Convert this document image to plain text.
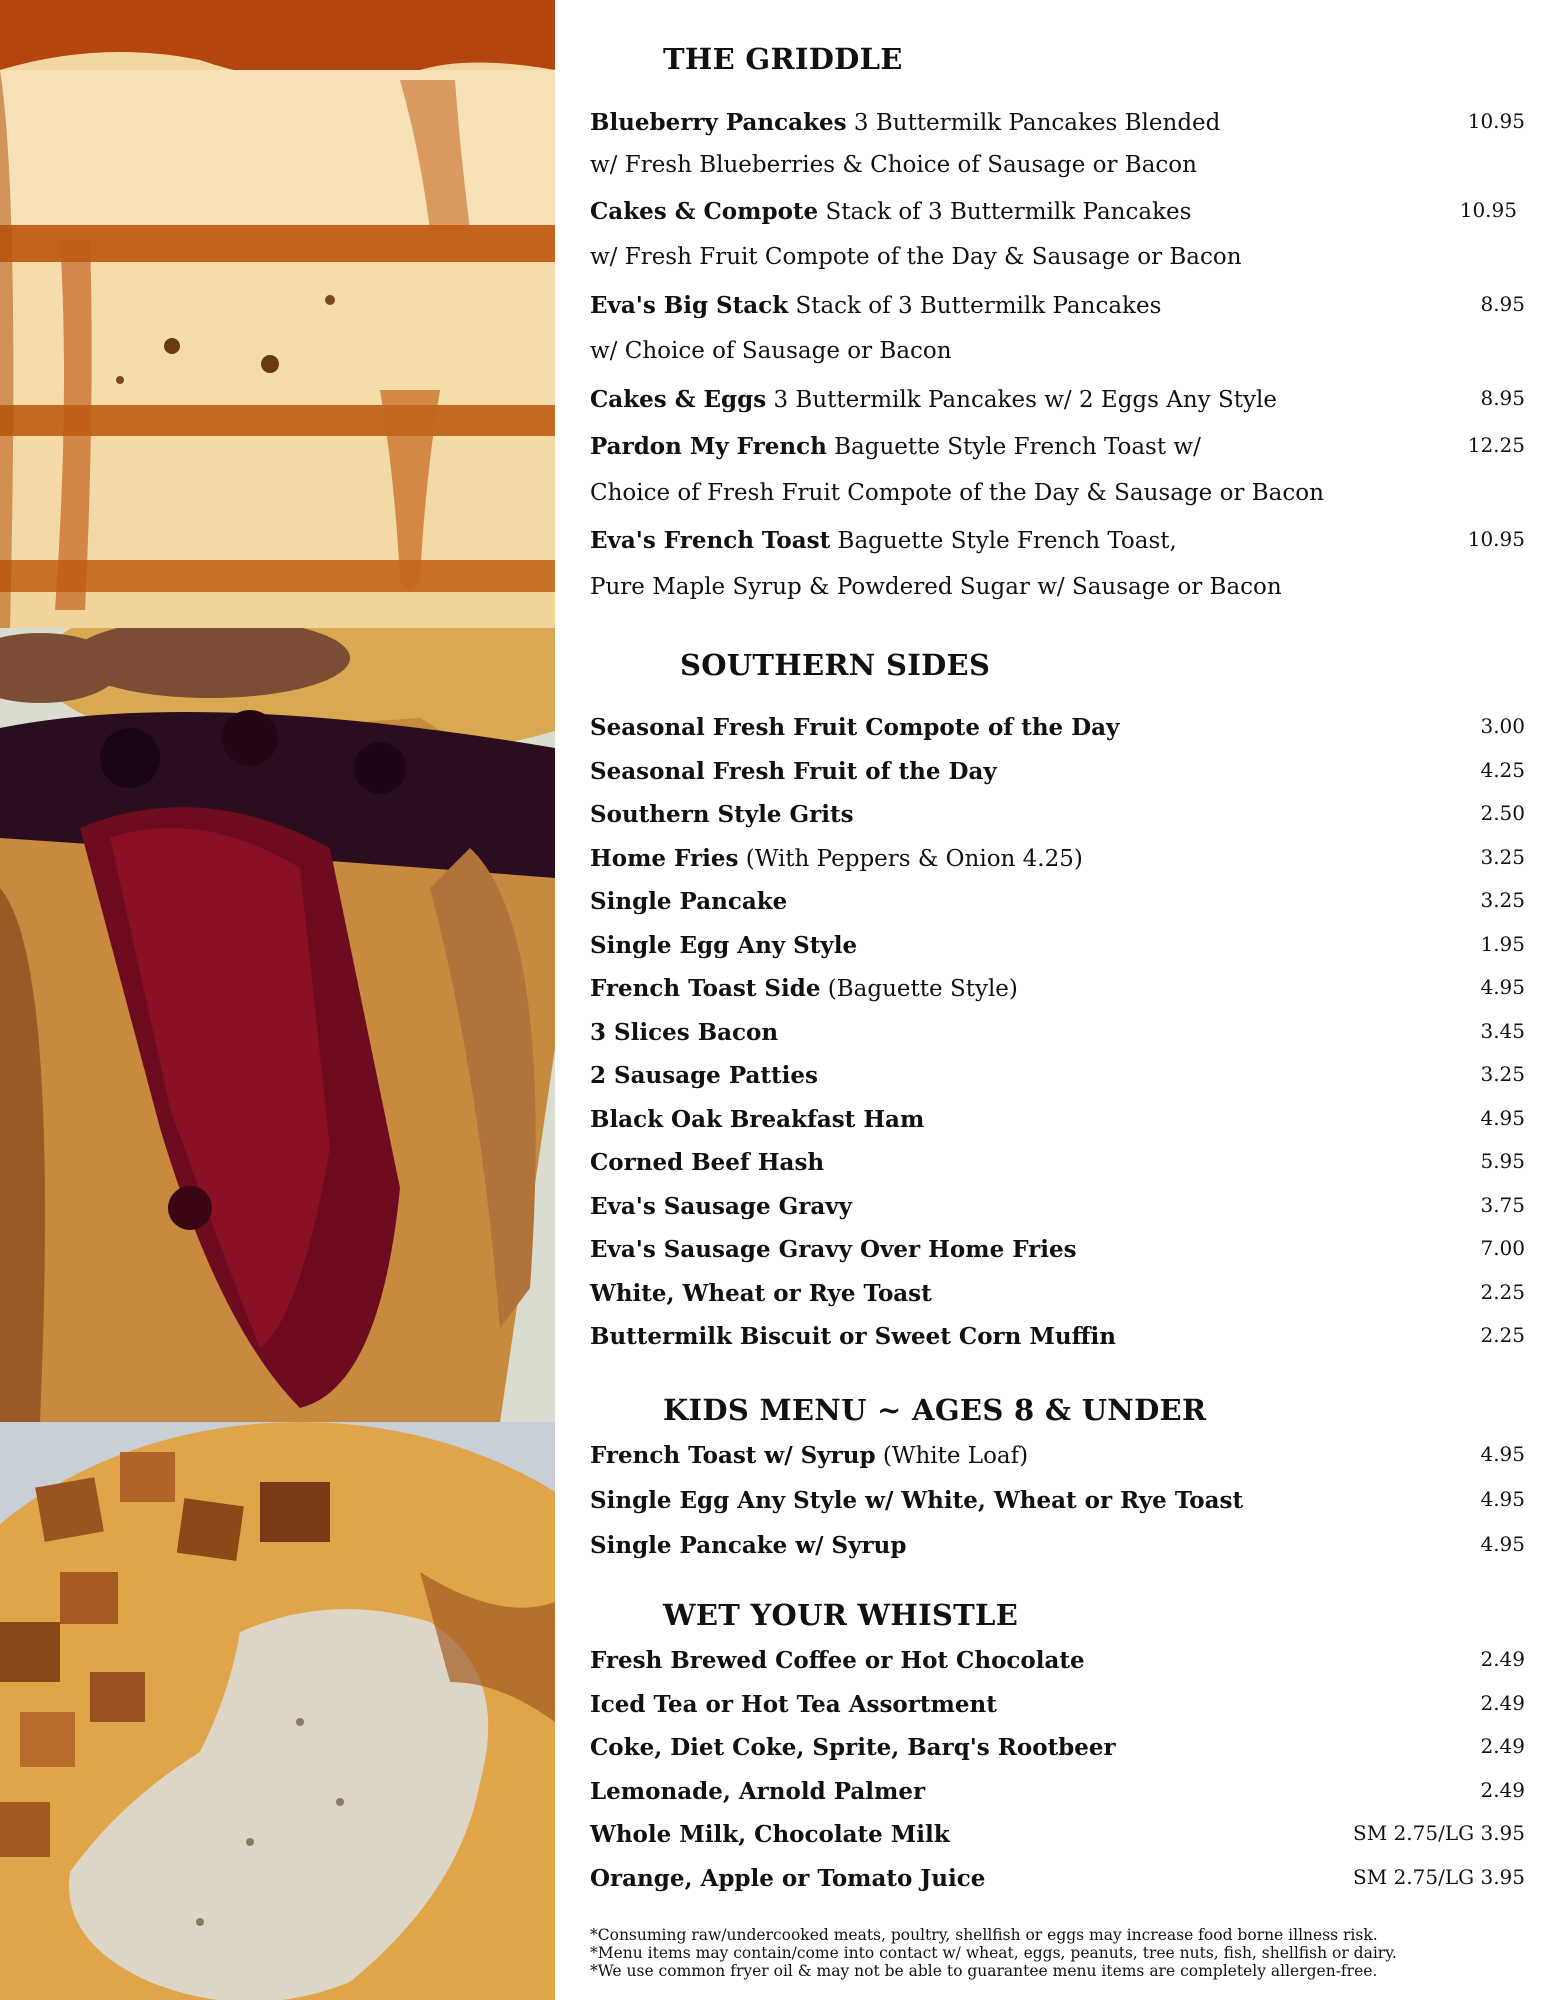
THE GRIDDLE
Blueberry Pancakes 3 Buttermilk Pancakes Blended	10.95
w/ Fresh Blueberries & Choice of Sausage or Bacon
Cakes & Compote Stack of 3 Buttermilk Pancakes	10.95
w/ Fresh Fruit Compote of the Day & Sausage or Bacon
Eva's Big Stack Stack of 3 Buttermilk Pancakes	8.95
w/ Choice of Sausage or Bacon
Cakes & Eggs 3 Buttermilk Pancakes w/ 2 Eggs Any Style	8.95
Pardon My French Baguette Style French Toast w/	12.25
Choice of Fresh Fruit Compote of the Day & Sausage or Bacon
Eva's French Toast Baguette Style French Toast,	10.95
Pure Maple Syrup & Powdered Sugar w/ Sausage or Bacon
SOUTHERN SIDES
Seasonal Fresh Fruit Compote of the Day	3.00
Seasonal Fresh Fruit of the Day	4.25
Southern Style Grits	2.50
Home Fries (With Peppers & Onion 4.25)	3.25
Single Pancake	3.25
Single Egg Any Style	1.95
French Toast Side (Baguette Style)	4.95
3 Slices Bacon	3.45
2 Sausage Patties	3.25
Black Oak Breakfast Ham	4.95
Corned Beef Hash	5.95
Eva's Sausage Gravy	3.75
Eva's Sausage Gravy Over Home Fries	7.00
White, Wheat or Rye Toast	2.25
Buttermilk Biscuit or Sweet Corn Muffin	2.25
KIDS MENU ~ AGES 8 & UNDER
French Toast w/ Syrup (White Loaf)	4.95
Single Egg Any Style w/ White, Wheat or Rye Toast	4.95
Single Pancake w/ Syrup	4.95
WET YOUR WHISTLE
Fresh Brewed Coffee or Hot Chocolate	2.49
Iced Tea or Hot Tea Assortment	2.49
Coke, Diet Coke, Sprite, Barq's Rootbeer	2.49
Lemonade, Arnold Palmer	2.49
Whole Milk, Chocolate Milk	SM 2.75/LG 3.95
Orange, Apple or Tomato Juice	SM 2.75/LG 3.95
*Consuming raw/undercooked meats, poultry, shellfish or eggs may increase food borne illness risk.
*Menu items may contain/come into contact w/ wheat, eggs, peanuts, tree nuts, fish, shellfish or dairy.
*We use common fryer oil & may not be able to guarantee menu items are completely allergen-free.
